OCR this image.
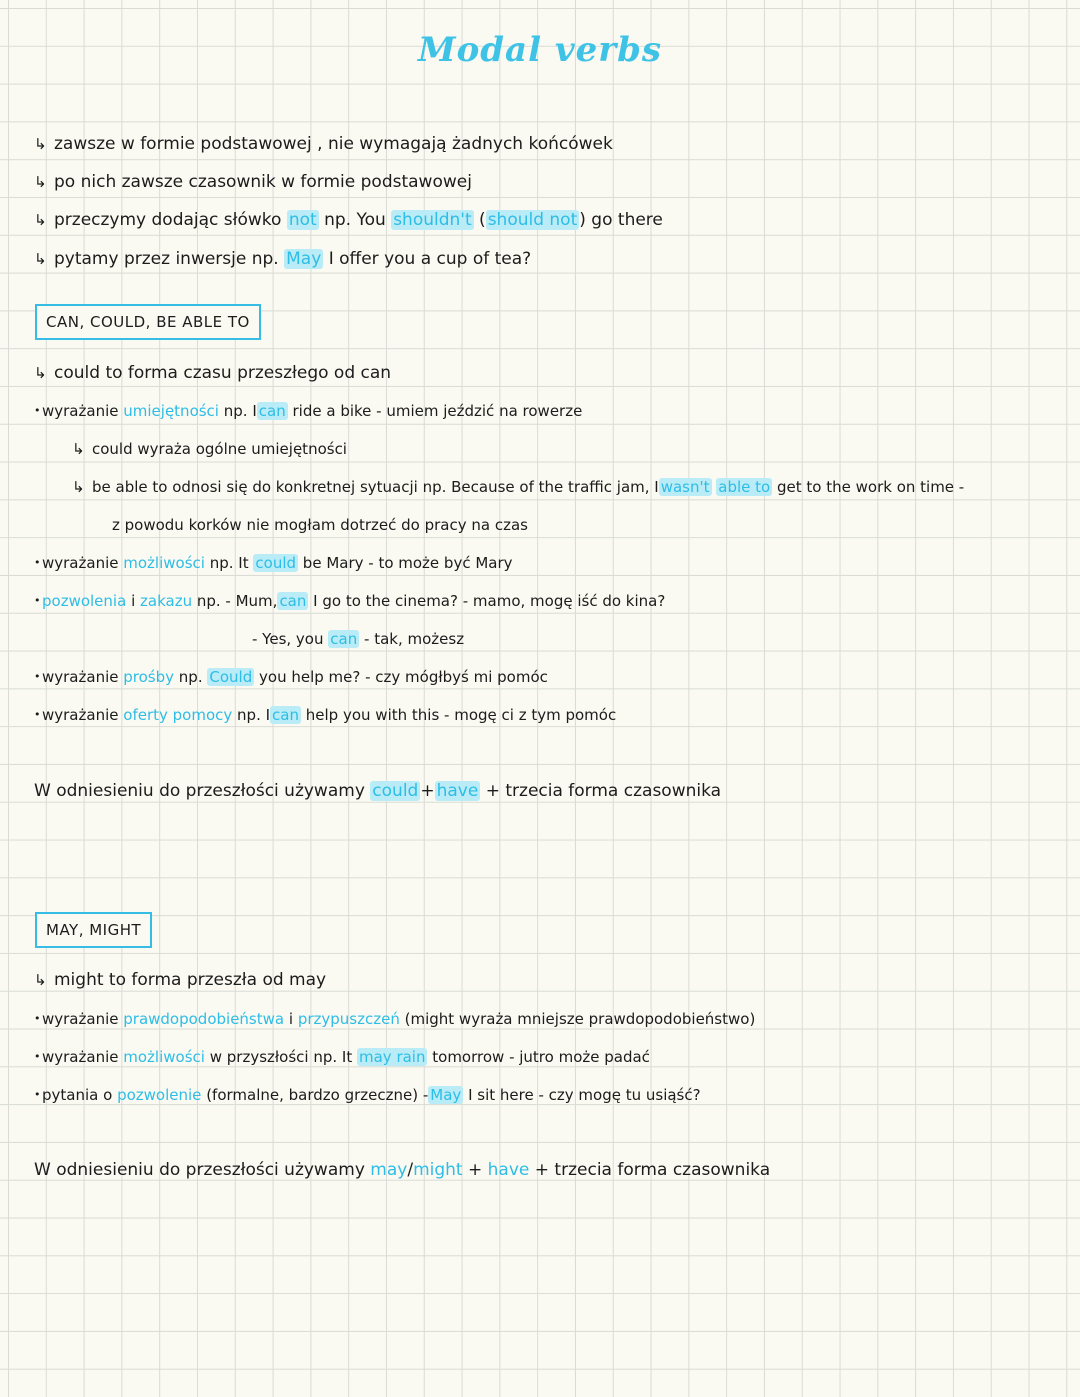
Modal verbs
↳ zawsze w formie podstawowej , nie wymagają żadnych końcówek
↳ po nich zawsze czasownik w formie podstawowej
↳ przeczymy dodając słówko not np. You shouldn't ( should not ) go there
↳ pytamy przez inwersje np. May I offer you a cup of tea?
CAN, COULD, BE ABLE TO
↳ could to forma czasu przeszłego od can
• wyrażanie umiejętności np. I can ride a bike - umiem jeździć na rowerze
↳ could wyraża ogólne umiejętności
↳ be able to odnosi się do konkretnej sytuacji np. Because of the traffic jam, I wasn't able to get to the work on time -
z powodu korków nie mogłam dotrzeć do pracy na czas
• wyrażanie możliwości np. It could be Mary - to może być Mary
• pozwolenia i zakazu np. - Mum, can I go to the cinema? - mamo, mogę iść do kina?
- Yes, you can - tak, możesz
• wyrażanie prośby np. Could you help me? - czy mógłbyś mi pomóc
• wyrażanie oferty pomocy np. I can help you with this - mogę ci z tym pomóc
W odniesieniu do przeszłości używamy could + have + trzecia forma czasownika
MAY, MIGHT
↳ might to forma przeszła od may
• wyrażanie prawdopodobieństwa i przypuszczeń (might wyraża mniejsze prawdopodobieństwo)
• wyrażanie możliwości w przyszłości np. It may rain tomorrow - jutro może padać
• pytania o pozwolenie (formalne, bardzo grzeczne) - May I sit here - czy mogę tu usiąść?
W odniesieniu do przeszłości używamy may/might + have + trzecia forma czasownika
